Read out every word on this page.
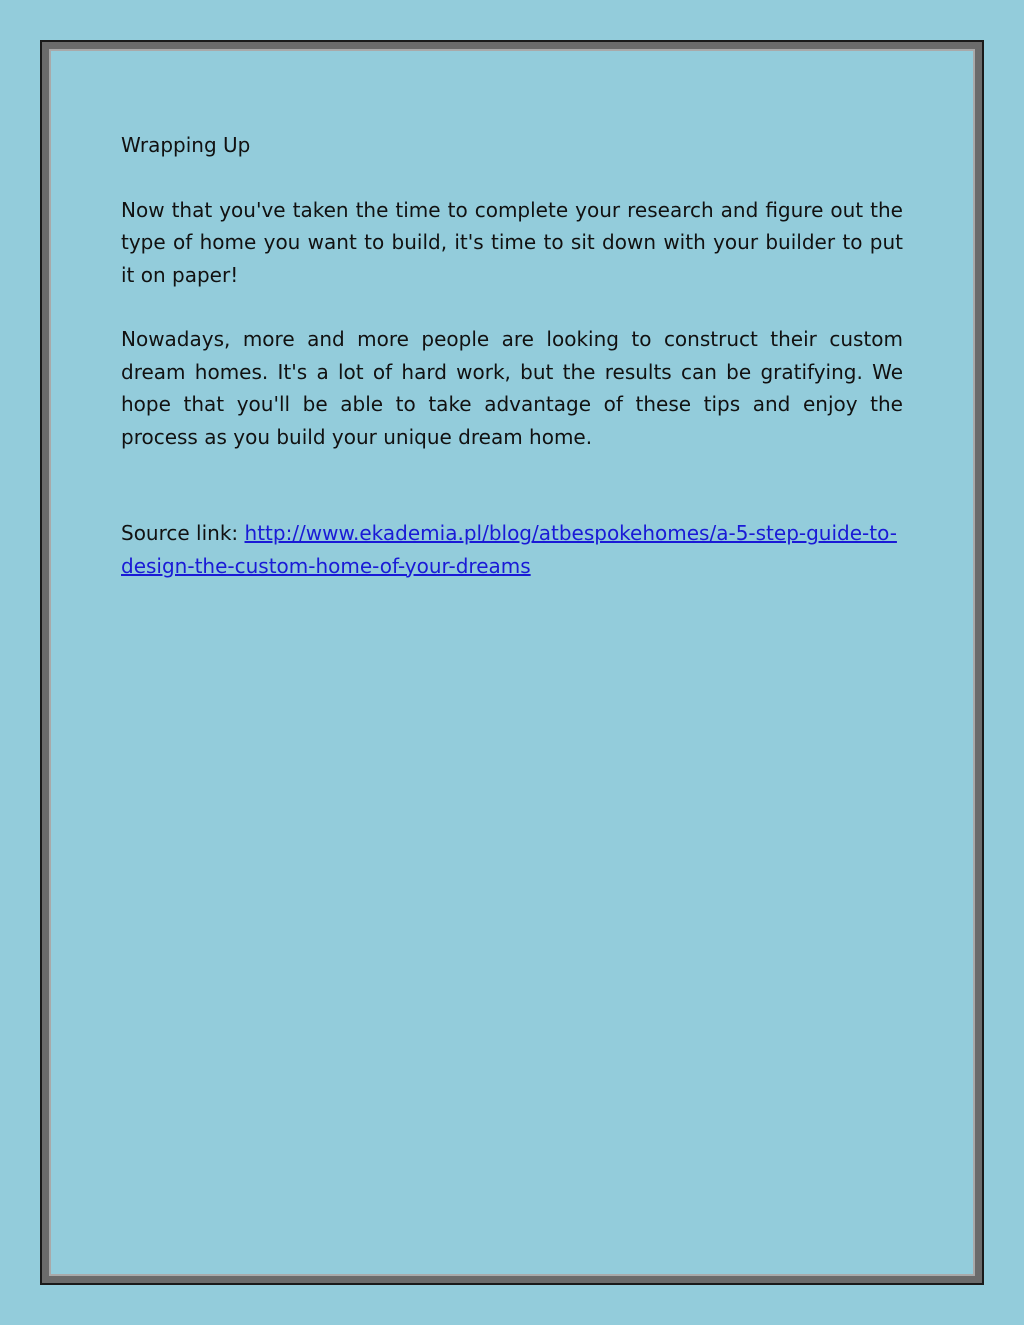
Wrapping Up

Now that you've taken the time to complete your research and figure out the type of home you want to build, it's time to sit down with your builder to put it on paper!

Nowadays, more and more people are looking to construct their custom dream homes. It's a lot of hard work, but the results can be gratifying. We hope that you'll be able to take advantage of these tips and enjoy the process as you build your unique dream home.

Source link: http://www.ekademia.pl/blog/atbespokehomes/a-5-step-guide-to-design-the-custom-home-of-your-dreams
